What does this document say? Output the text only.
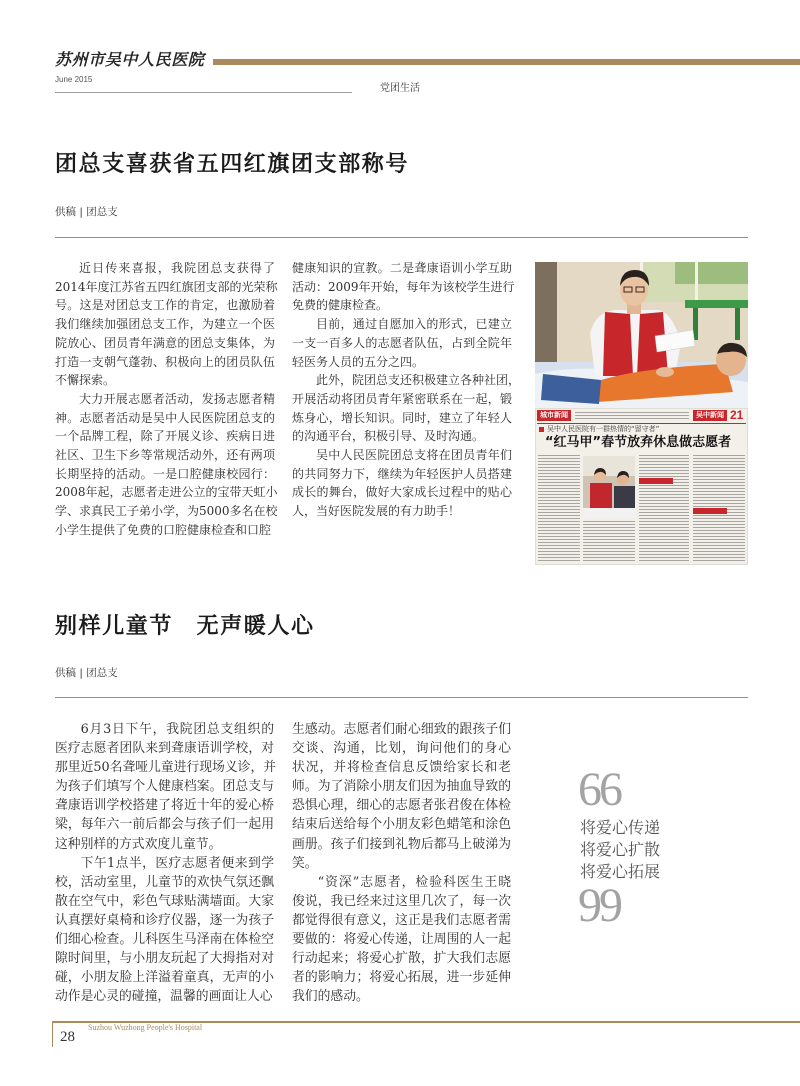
苏州市吴中人民医院
June 2015
党团生活
团总支喜获省五四红旗团支部称号
供稿 | 团总支
近日传来喜报，我院团总支获得了
2014年度江苏省五四红旗团支部的光荣称
号。这是对团总支工作的肯定，也激励着
我们继续加强团总支工作，为建立一个医
院放心、团员青年满意的团总支集体，为
打造一支朝气蓬勃、积极向上的团员队伍
不懈探索。
大力开展志愿者活动，发扬志愿者精
神。志愿者活动是吴中人民医院团总支的
一个品牌工程，除了开展义诊、疾病日进
社区、卫生下乡等常规活动外，还有两项
长期坚持的活动。一是口腔健康校园行：
2008年起，志愿者走进公立的宝带天虹小
学、求真民工子弟小学，为5000多名在校
小学生提供了免费的口腔健康检查和口腔
健康知识的宣教。二是聋康语训小学互助
活动：2009年开始，每年为该校学生进行
免费的健康检查。
目前，通过自愿加入的形式，已建立
一支一百多人的志愿者队伍，占到全院年
轻医务人员的五分之四。
此外，院团总支还积极建立各种社团，
开展活动将团员青年紧密联系在一起，锻
炼身心，增长知识。同时，建立了年轻人
的沟通平台，积极引导、及时沟通。
吴中人民医院团总支将在团员青年们
的共同努力下，继续为年轻医护人员搭建
成长的舞台，做好大家成长过程中的贴心
人，当好医院发展的有力助手！
城市新闻	吴中新闻 21
吴中人民医院有一群热情的“留守者”
“红马甲”春节放弃休息做志愿者
别样儿童节　无声暖人心
供稿 | 团总支
6月3日下午，我院团总支组织的
医疗志愿者团队来到聋康语训学校，对
那里近50名聋哑儿童进行现场义诊，并
为孩子们填写个人健康档案。团总支与
聋康语训学校搭建了将近十年的爱心桥
梁，每年六一前后都会与孩子们一起用
这种别样的方式欢度儿童节。
下午1点半，医疗志愿者便来到学
校，活动室里，儿童节的欢快气氛还飘
散在空气中，彩色气球贴满墙面。大家
认真摆好桌椅和诊疗仪器，逐一为孩子
们细心检查。儿科医生马泽南在体检空
隙时间里，与小朋友玩起了大拇指对对
碰，小朋友脸上洋溢着童真，无声的小
动作是心灵的碰撞，温馨的画面让人心
生感动。志愿者们耐心细致的跟孩子们
交谈、沟通，比划，询问他们的身心
状况，并将检查信息反馈给家长和老
师。为了消除小朋友们因为抽血导致的
恐惧心理，细心的志愿者张君俊在体检
结束后送给每个小朋友彩色蜡笔和涂色
画册。孩子们接到礼物后都马上破涕为
笑。
“资深”志愿者，检验科医生王晓
俊说，我已经来过这里几次了，每一次
都觉得很有意义，这正是我们志愿者需
要做的：将爱心传递，让周围的人一起
行动起来；将爱心扩散，扩大我们志愿
者的影响力；将爱心拓展，进一步延伸
我们的感动。
66
将爱心传递
将爱心扩散
将爱心拓展
99
28
Suzhou Wuzhong People's Hospital
